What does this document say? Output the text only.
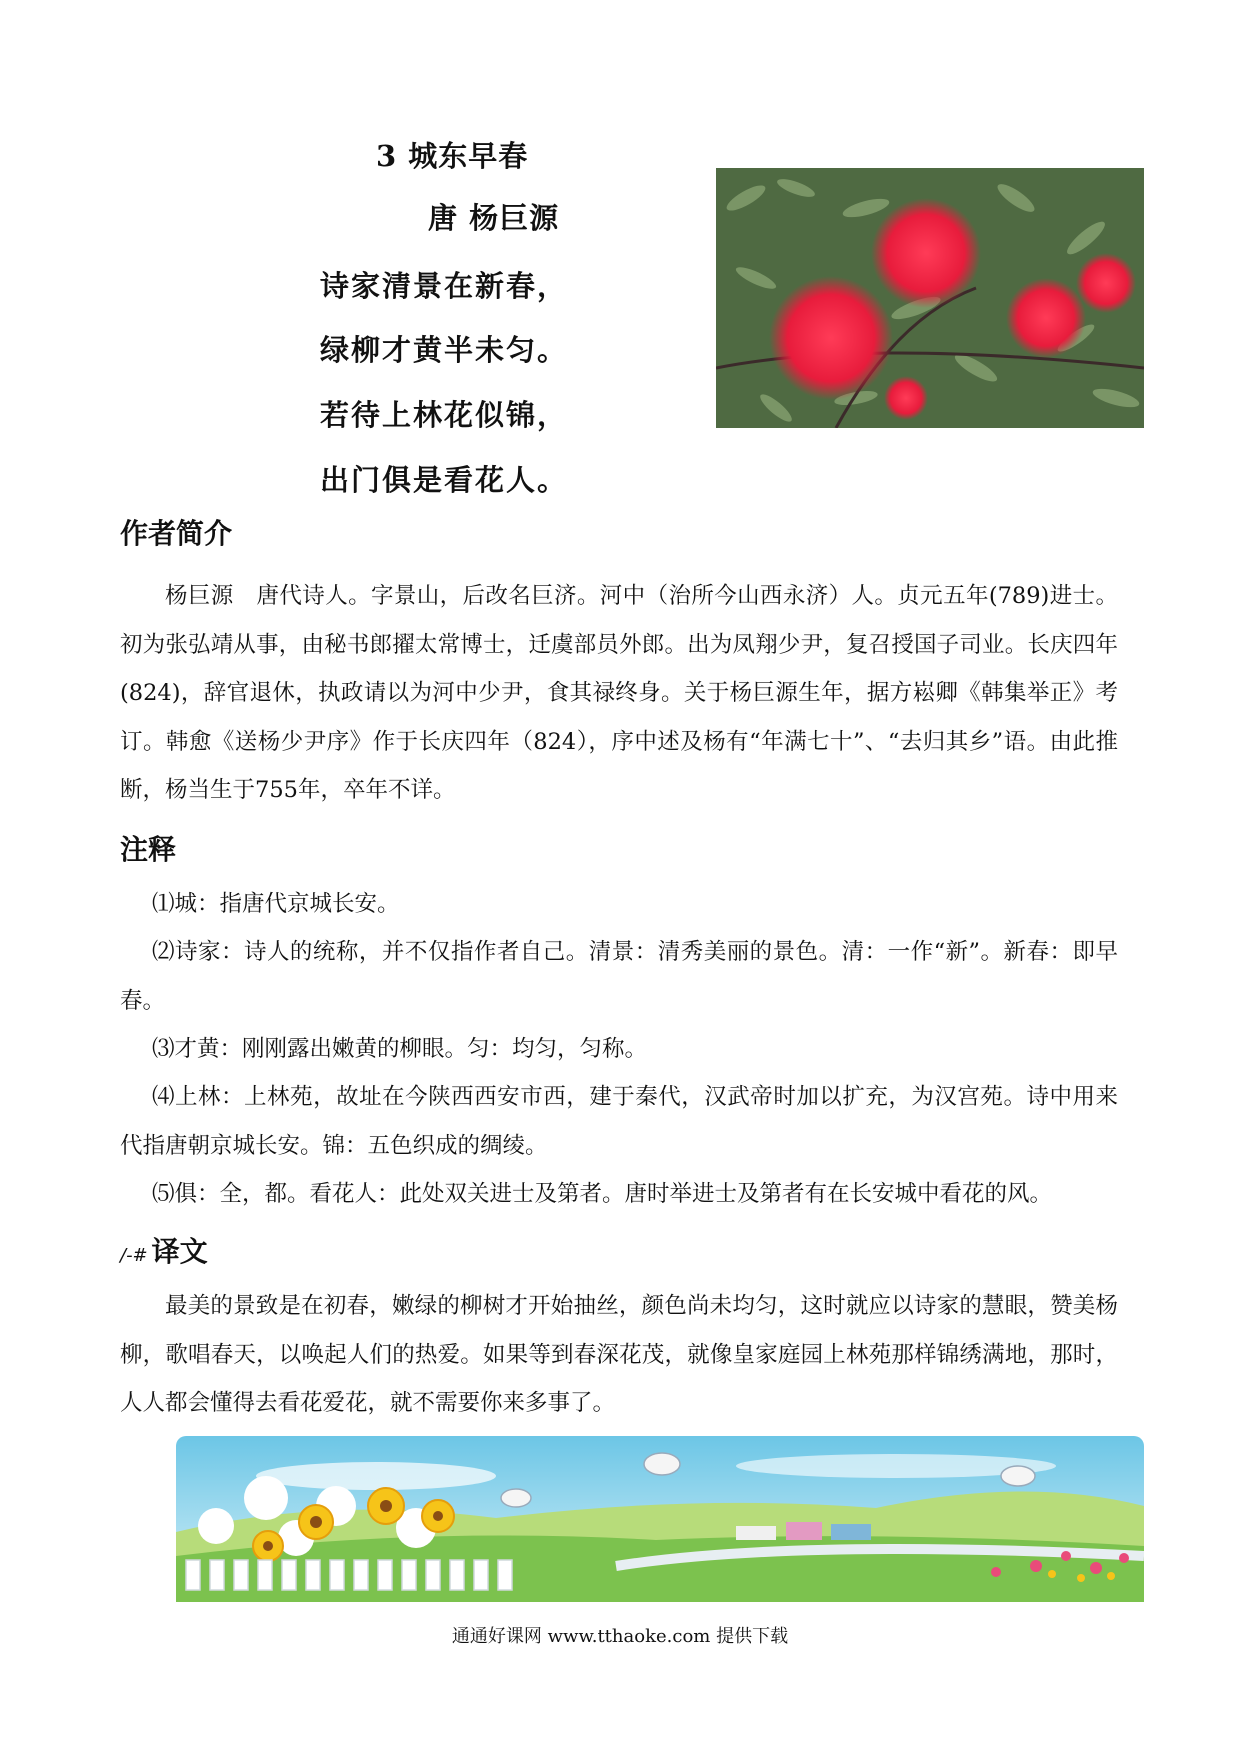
3 城东早春
唐 杨巨源
诗家清景在新春，
绿柳才黄半未匀。
若待上林花似锦，
出门俱是看花人。
作者简介
杨巨源　唐代诗人。字景山，后改名巨济。河中（治所今山西永济）人。贞元五年(789)进士。初为张弘靖从事，由秘书郎擢太常博士，迁虞部员外郎。出为凤翔少尹，复召授国子司业。长庆四年(824)，辞官退休，执政请以为河中少尹，食其禄终身。关于杨巨源生年，据方崧卿《韩集举正》考订。韩愈《送杨少尹序》作于长庆四年（824），序中述及杨有“年满七十”、“去归其乡”语。由此推断，杨当生于755年，卒年不详。
注释
⑴城：指唐代京城长安。
⑵诗家：诗人的统称，并不仅指作者自己。清景：清秀美丽的景色。清：一作“新”。新春：即早春。
⑶才黄：刚刚露出嫩黄的柳眼。匀：均匀，匀称。
⑷上林：上林苑，故址在今陕西西安市西，建于秦代，汉武帝时加以扩充，为汉宫苑。诗中用来代指唐朝京城长安。锦：五色织成的绸绫。
⑸俱：全，都。看花人：此处双关进士及第者。唐时举进士及第者有在长安城中看花的风。
/-# 译文
最美的景致是在初春，嫩绿的柳树才开始抽丝，颜色尚未均匀，这时就应以诗家的慧眼，赞美杨柳，歌唱春天，以唤起人们的热爱。如果等到春深花茂，就像皇家庭园上林苑那样锦绣满地，那时，人人都会懂得去看花爱花，就不需要你来多事了。
通通好课网 www.tthaoke.com 提供下载
